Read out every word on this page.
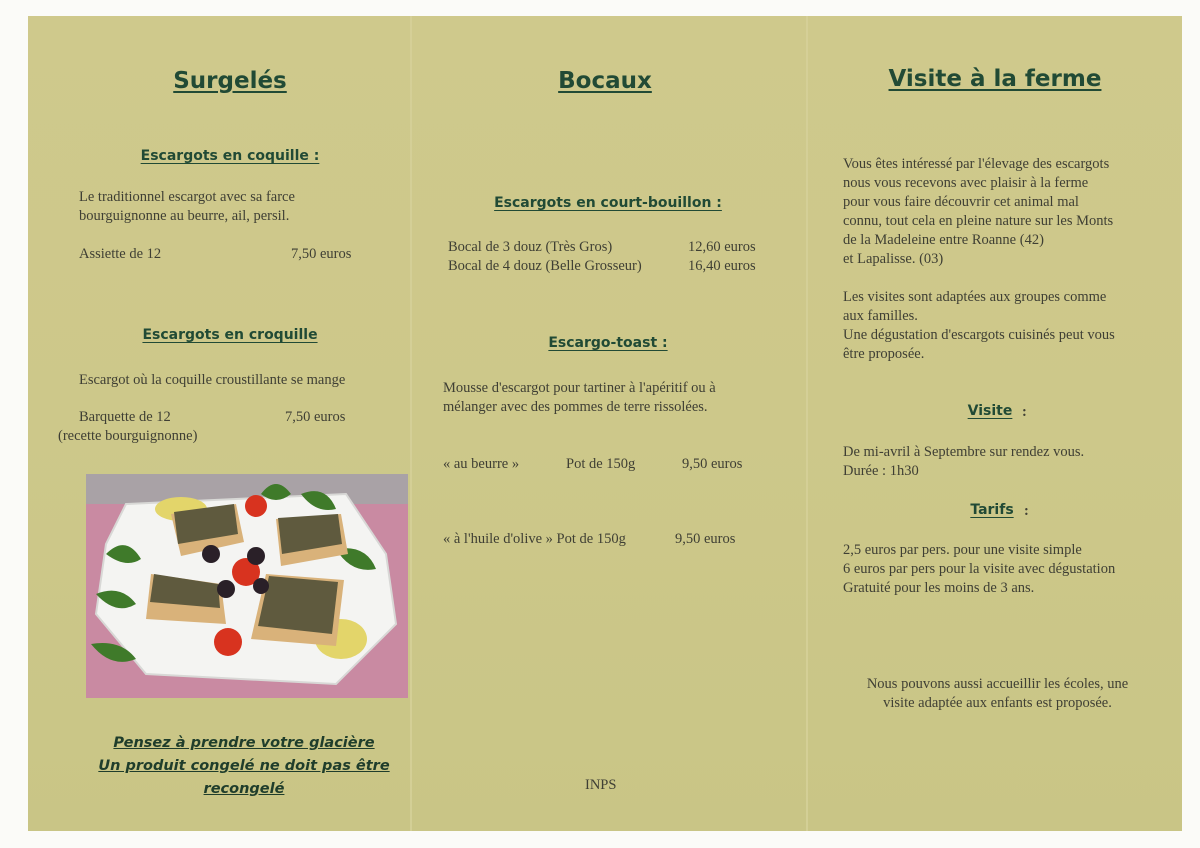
Surgelés
Escargots en coquille :
Le traditionnel escargot avec sa farce
bourguignonne au beurre, ail, persil.
Assiette de 12	7,50 euros
Escargots en croquille
Escargot où la coquille croustillante se mange
Barquette de 12	7,50 euros
(recette bourguignonne)
Pensez à prendre votre glacière
Un produit congelé ne doit pas être
recongelé
Bocaux
Escargots en court-bouillon :
Bocal de 3 douz (Très Gros)	12,60 euros
Bocal de 4 douz (Belle Grosseur)	16,40 euros
Escargo-toast :
Mousse d'escargot pour tartiner à l'apéritif ou à
mélanger avec des pommes de terre rissolées.
« au beurre »	Pot de 150g	9,50 euros
« à l'huile d'olive » Pot de 150g	9,50 euros
INPS
Visite à la ferme
Vous êtes intéressé par l'élevage des escargots
nous vous recevons avec plaisir à la ferme
pour vous faire découvrir cet animal mal
connu, tout cela en pleine nature sur les Monts
de la Madeleine entre Roanne (42)
et Lapalisse. (03)
Les visites sont adaptées aux groupes comme
aux familles.
Une dégustation d'escargots cuisinés peut vous
être proposée.
Visite :
De mi-avril à Septembre sur rendez vous.
Durée : 1h30
Tarifs :
2,5 euros par pers. pour une visite simple
6 euros par pers pour la visite avec dégustation
Gratuité pour les moins de 3 ans.
Nous pouvons aussi accueillir les écoles, une
visite adaptée aux enfants est proposée.
